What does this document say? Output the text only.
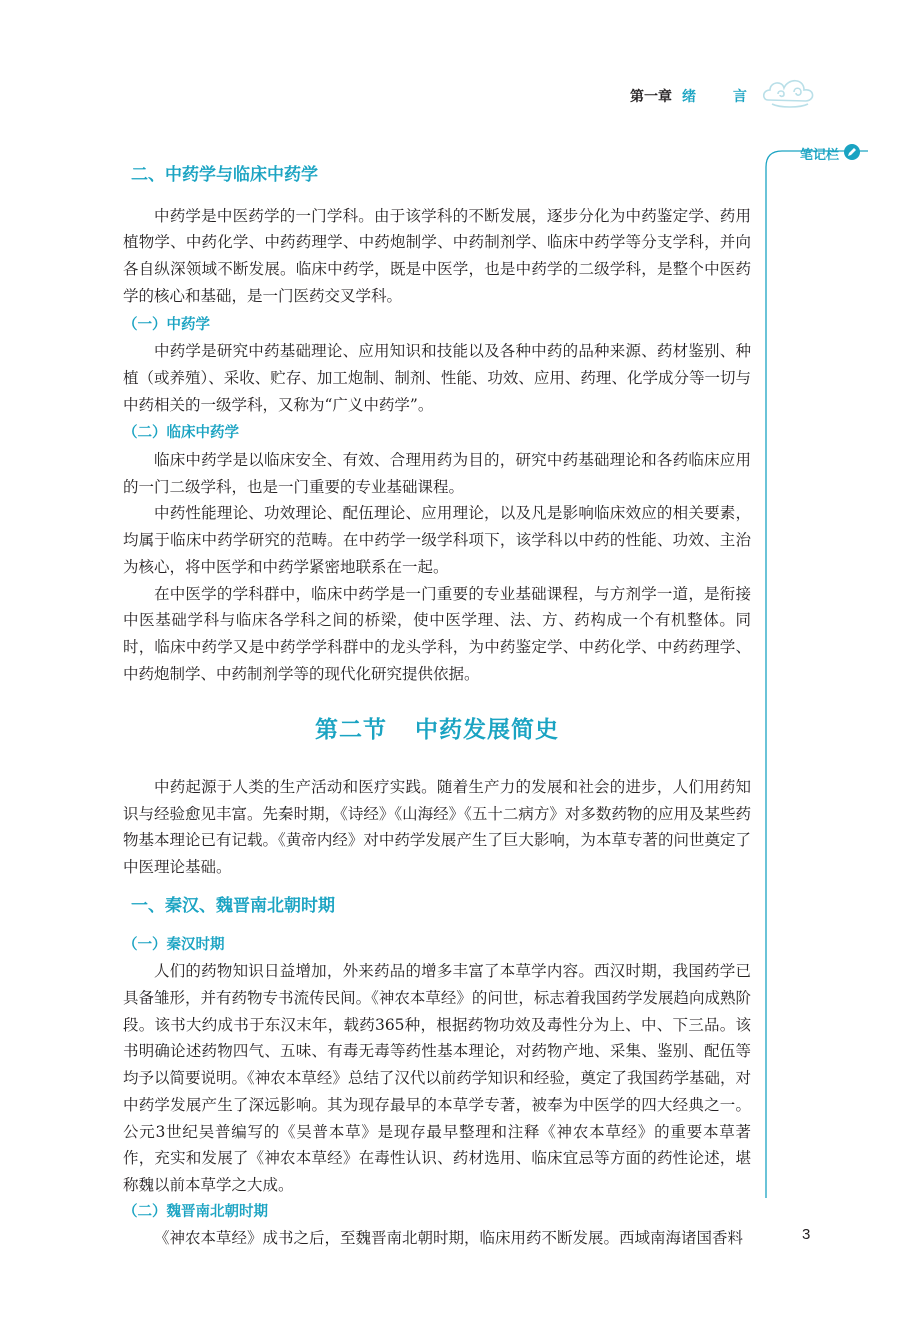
第一章 绪 言
笔记栏
二、中药学与临床中药学

中药学是中医药学的一门学科。由于该学科的不断发展，逐步分化为中药鉴定学、药用植物学、中药化学、中药药理学、中药炮制学、中药制剂学、临床中药学等分支学科，并向各自纵深领域不断发展。临床中药学，既是中医学，也是中药学的二级学科，是整个中医药学的核心和基础，是一门医药交叉学科。

（一）中药学

中药学是研究中药基础理论、应用知识和技能以及各种中药的品种来源、药材鉴别、种植（或养殖）、采收、贮存、加工炮制、制剂、性能、功效、应用、药理、化学成分等一切与中药相关的一级学科，又称为“广义中药学”。

（二）临床中药学

临床中药学是以临床安全、有效、合理用药为目的，研究中药基础理论和各药临床应用的一门二级学科，也是一门重要的专业基础课程。

中药性能理论、功效理论、配伍理论、应用理论，以及凡是影响临床效应的相关要素，均属于临床中药学研究的范畴。在中药学一级学科项下，该学科以中药的性能、功效、主治为核心，将中医学和中药学紧密地联系在一起。

在中医学的学科群中，临床中药学是一门重要的专业基础课程，与方剂学一道，是衔接中医基础学科与临床各学科之间的桥梁，使中医学理、法、方、药构成一个有机整体。同时，临床中药学又是中药学学科群中的龙头学科，为中药鉴定学、中药化学、中药药理学、中药炮制学、中药制剂学等的现代化研究提供依据。

第二节 中药发展简史

中药起源于人类的生产活动和医疗实践。随着生产力的发展和社会的进步，人们用药知识与经验愈见丰富。先秦时期，《诗经》《山海经》《五十二病方》对多数药物的应用及某些药物基本理论已有记载。《黄帝内经》对中药学发展产生了巨大影响，为本草专著的问世奠定了中医理论基础。

一、秦汉、魏晋南北朝时期
（一）秦汉时期

人们的药物知识日益增加，外来药品的增多丰富了本草学内容。西汉时期，我国药学已具备雏形，并有药物专书流传民间。《神农本草经》的问世，标志着我国药学发展趋向成熟阶段。该书大约成书于东汉末年，载药365种，根据药物功效及毒性分为上、中、下三品。该书明确论述药物四气、五味、有毒无毒等药性基本理论，对药物产地、采集、鉴别、配伍等均予以简要说明。《神农本草经》总结了汉代以前药学知识和经验，奠定了我国药学基础，对中药学发展产生了深远影响。其为现存最早的本草学专著，被奉为中医学的四大经典之一。公元3世纪吴普编写的《吴普本草》是现存最早整理和注释《神农本草经》的重要本草著作，充实和发展了《神农本草经》在毒性认识、药材选用、临床宜忌等方面的药性论述，堪称魏以前本草学之大成。

（二）魏晋南北朝时期

《神农本草经》成书之后，至魏晋南北朝时期，临床用药不断发展。西域南海诸国香料	3
